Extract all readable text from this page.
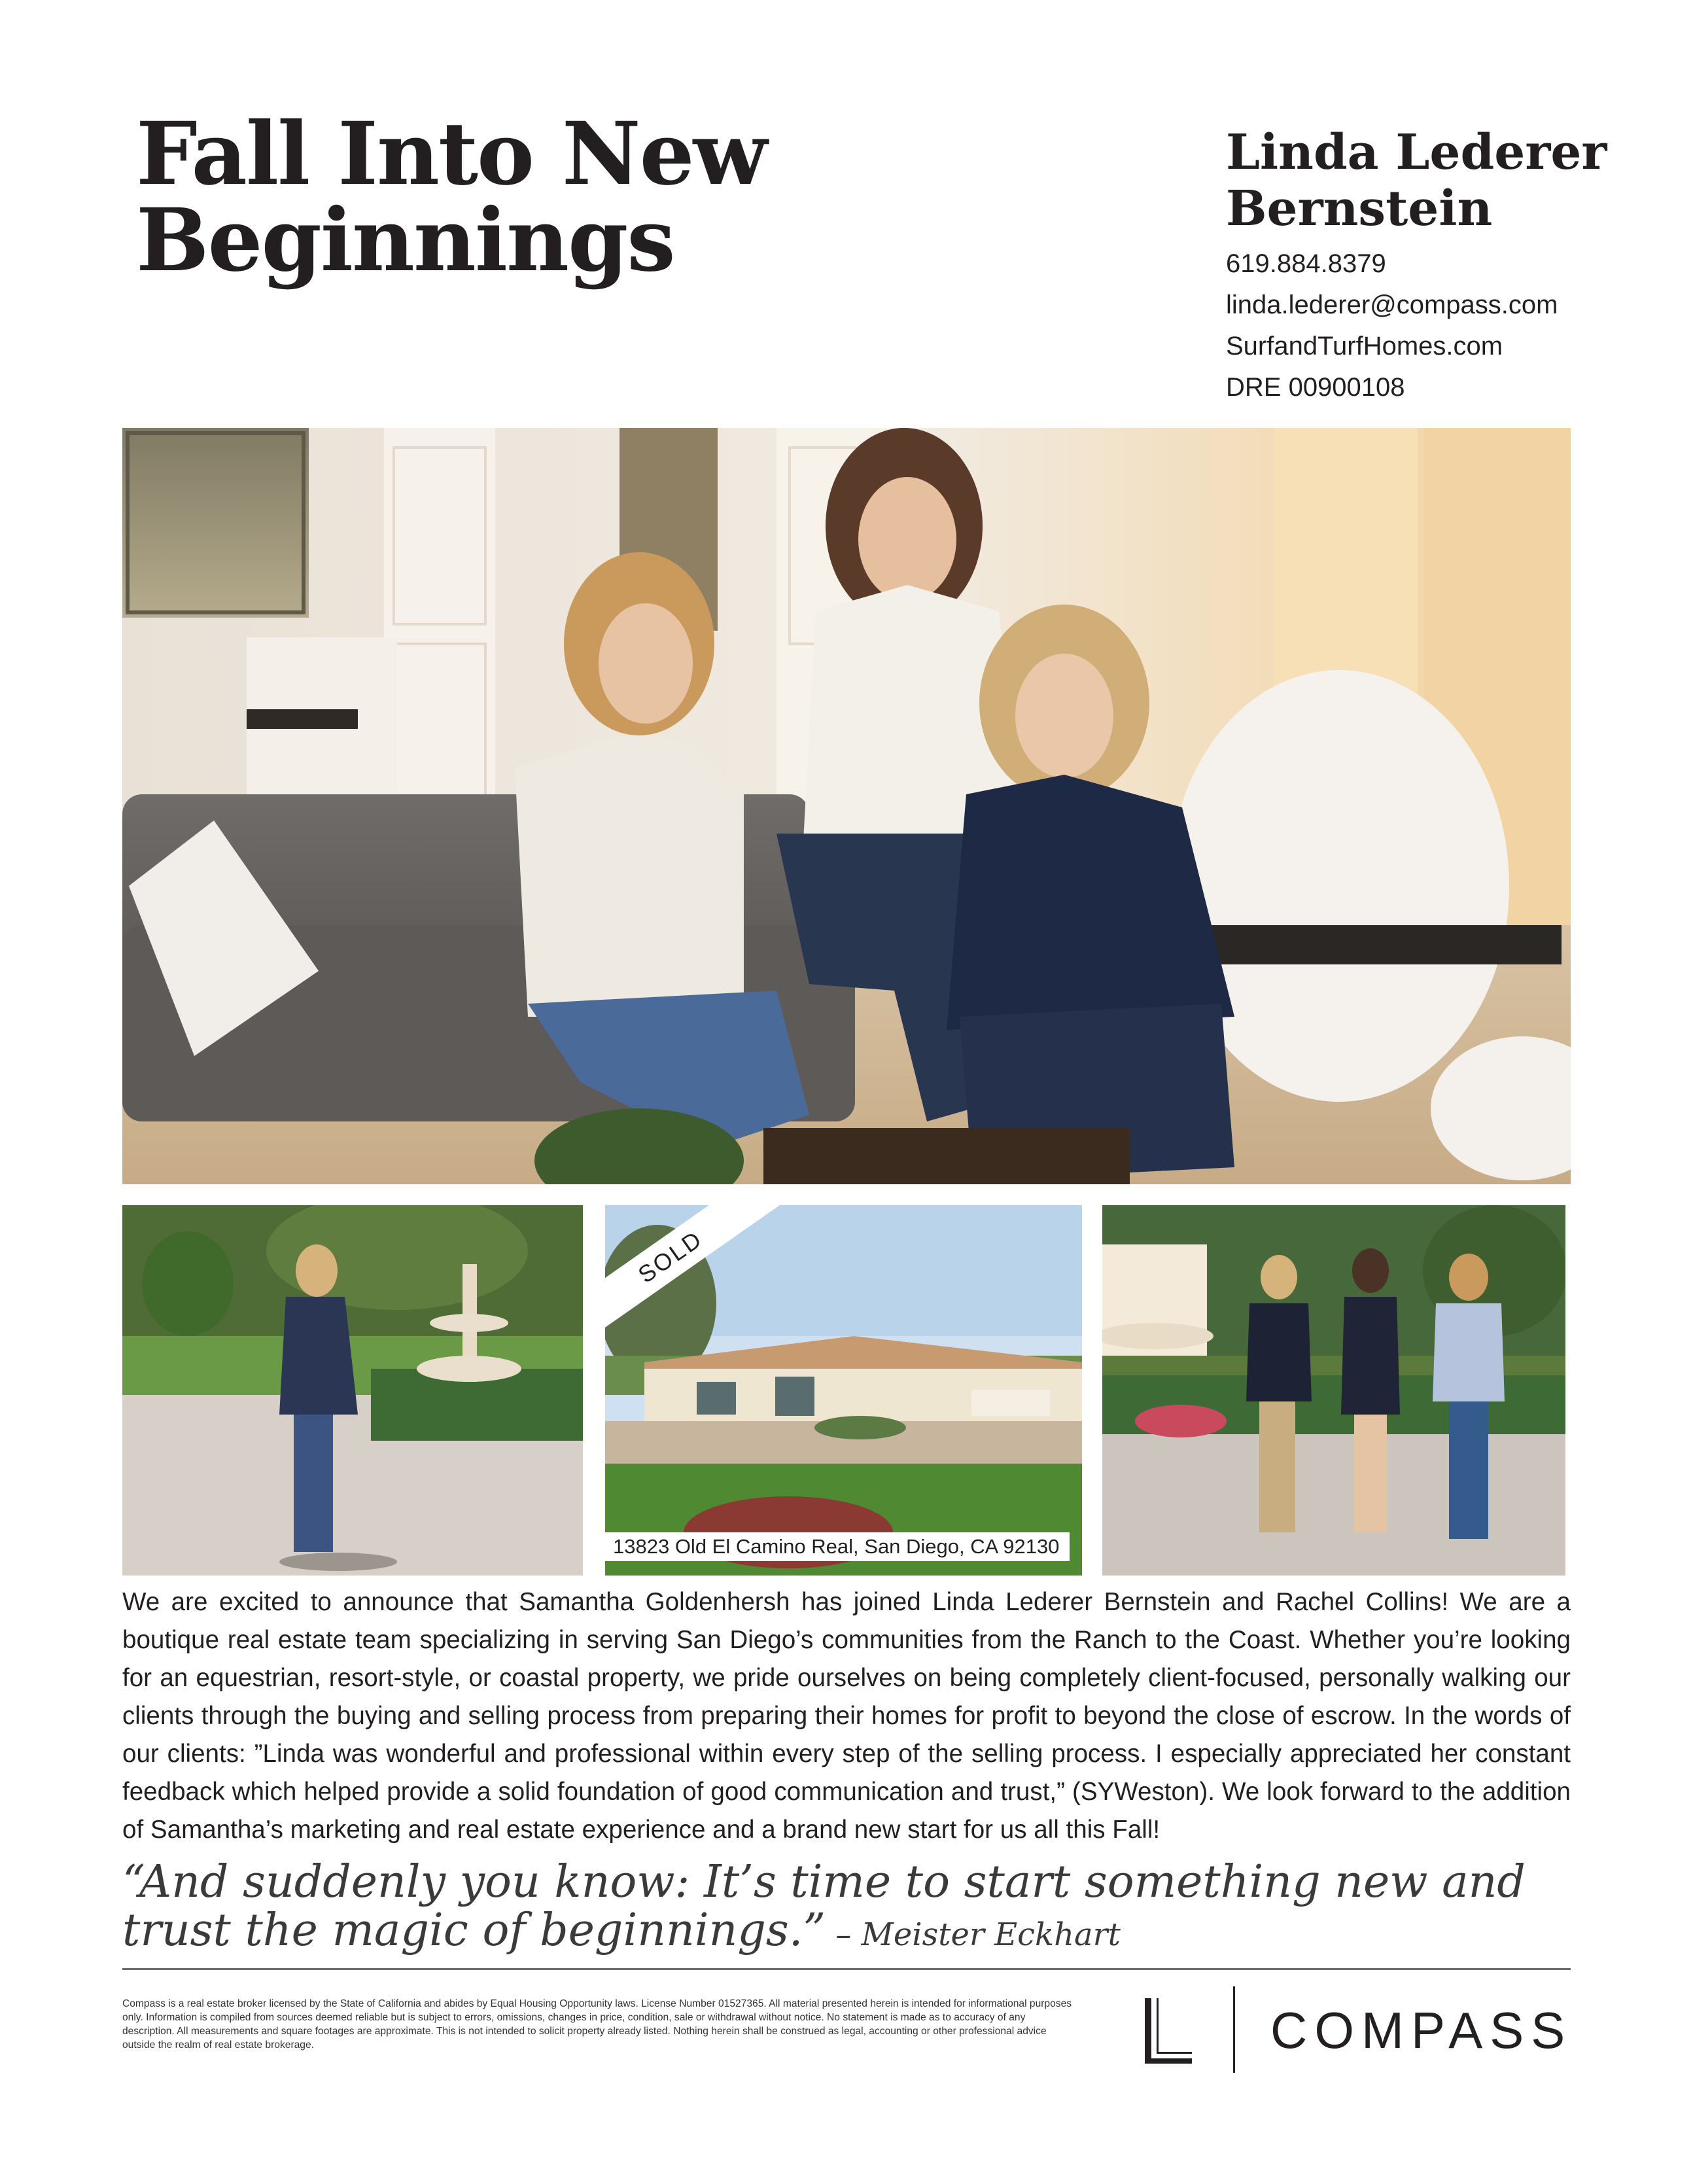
Fall Into New
Beginnings
Linda Lederer
Bernstein
619.884.8379
linda.lederer@compass.com
SurfandTurfHomes.com
DRE 00900108
SOLD
13823 Old El Camino Real, San Diego, CA 92130
We are excited to announce that Samantha Goldenhersh has joined Linda Lederer Bernstein and Rachel Collins! We are a boutique real estate team specializing in serving San Diego’s communities from the Ranch to the Coast. Whether you’re looking for an equestrian, resort-style, or coastal property, we pride ourselves on being completely client-focused, personally walking our clients through the buying and selling process from preparing their homes for profit to beyond the close of escrow. In the words of our clients: ”Linda was wonderful and professional within every step of the selling process. I especially appreciated her constant feedback which helped provide a solid foundation of good communication and trust,” (SYWeston). We look forward to the addition of Samantha’s marketing and real estate experience and a brand new start for us all this Fall!
“And suddenly you know: It’s time to start something new and
trust the magic of beginnings.” – Meister Eckhart
Compass is a real estate broker licensed by the State of California and abides by Equal Housing Opportunity laws. License Number 01527365. All material presented herein is intended for informational purposes only. Information is compiled from sources deemed reliable but is subject to errors, omissions, changes in price, condition, sale or withdrawal without notice. No statement is made as to accuracy of any description. All measurements and square footages are approximate. This is not intended to solicit property already listed. Nothing herein shall be construed as legal, accounting or other professional advice outside the realm of real estate brokerage.	COMPASS
